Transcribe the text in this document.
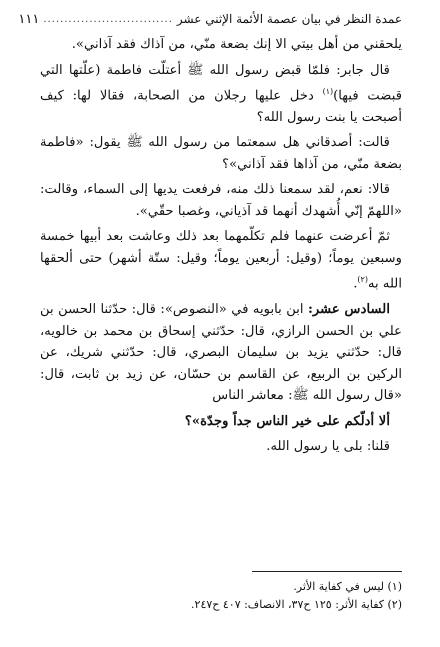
عمدة النظر في بيان عصمة الأئمة الإثني عشر
...............................
١١١

يلحقني من أهل بيتي الا إنك بضعة منّي، من آذاك فقد آذاني».

قال جابر: فلمّا قبض رسول الله ﷺ أعتلّت فاطمة (علّتها التي قبضت فيها)$^{(١)}$ دخل عليها رجلان من الصحابة، فقالا لها: كيف أصبحت يا بنت رسول الله؟

قالت: أصدقاني هل سمعتما من رسول الله ﷺ يقول: «فاطمة بضعة منّي، من آذاها فقد آذاني»؟

قالا: نعم، لقد سمعنا ذلك منه، فرفعت يديها إلى السماء، وقالت: «اللهمّ إنّي أُشهدك أنهما قد آذياني، وغصبا حقّي».

ثمّ أعرضت عنهما فلم تكلّمهما بعد ذلك وعاشت بعد أبيها خمسة وسبعين يوماً؛ (وقيل: أربعين يوماً؛ وقيل: ستّة أشهر) حتى ألحقها الله به$^{(٢)}$.

السادس عشر: ابن بابويه في «النصوص»: قال: حدّثنا الحسن بن علي بن الحسن الرازي، قال: حدّثني إسحاق بن محمد بن خالويه، قال: حدّثني يزيد بن سليمان البصري، قال: حدّثني شريك، عن الركين بن الربيع، عن القاسم بن حسّان، عن زيد بن ثابت، قال: «قال رسول الله ﷺ: معاشر الناس

ألا أدلّكم على خير الناس جداً وجدّة»؟

قلنا: بلى يا رسول الله.

(١) ليس في كفاية الأثر.
(٢) كفاية الأثر: ١٢٥ ح٣٧، الانصاف: ٤٠٧ ح٢٤٧.
